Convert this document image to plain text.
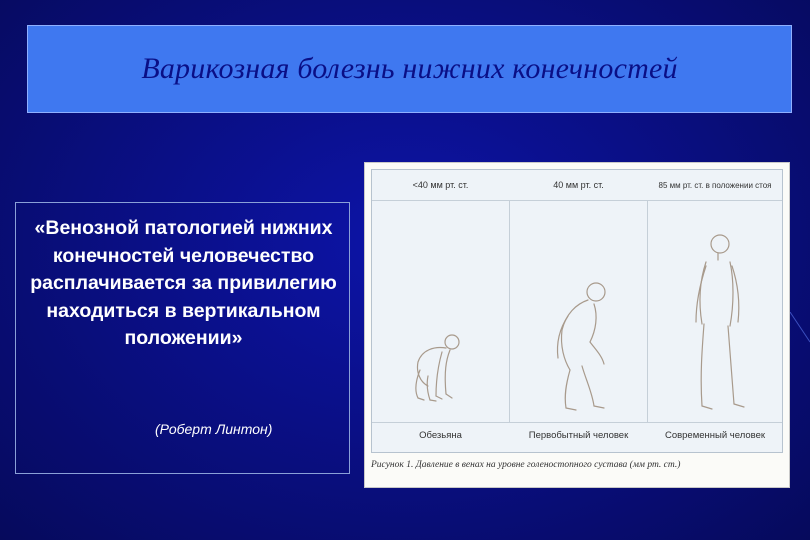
Варикозная болезнь нижних конечностей
«Венозной патологией нижних конечностей человечество расплачивается за привилегию находиться в вертикальном положении»
(Роберт Линтон)
<40 мм рт. ст.	40 мм рт. ст.	85 мм рт. ст. в положении стоя
Обезьяна	Первобытный человек	Современный человек
Рисунок 1. Давление в венах на уровне голеностопного сустава (мм рт. ст.)
